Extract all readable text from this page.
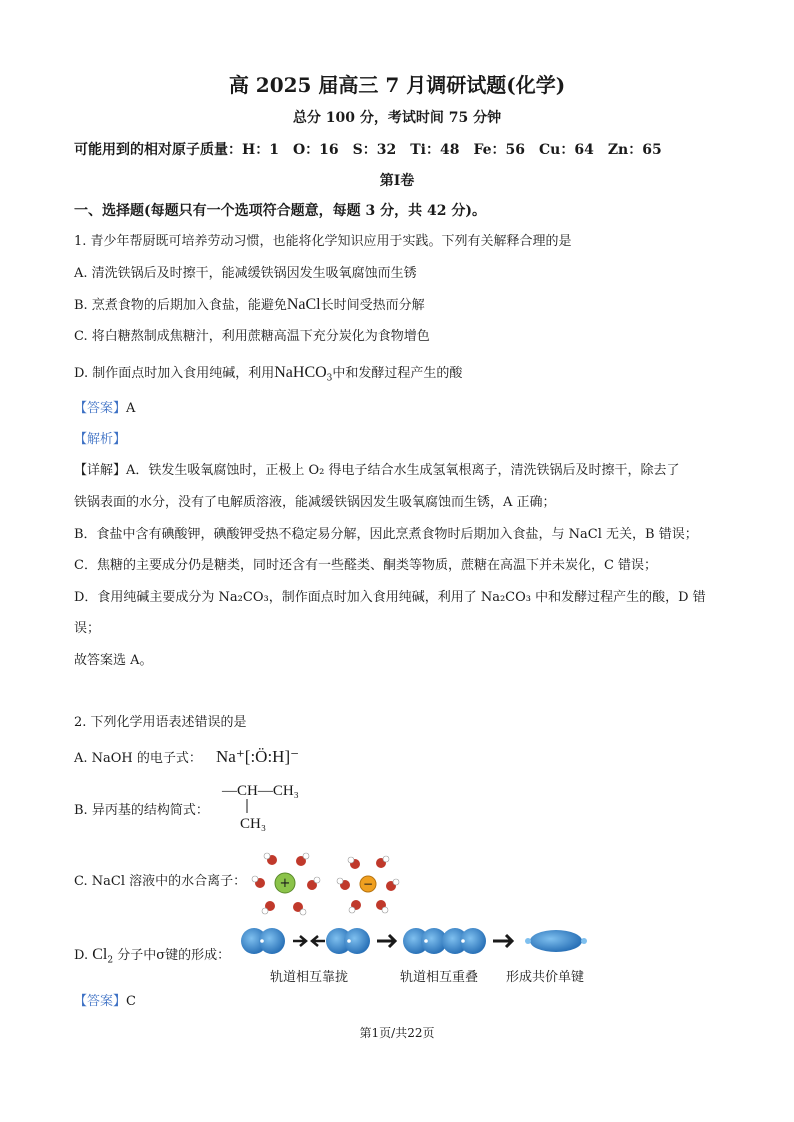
高 2025 届高三 7 月调研试题(化学)
总分 100 分，考试时间 75 分钟
可能用到的相对原子质量：H：1　O：16　S：32　Ti：48　Fe：56　Cu：64　Zn：65
第Ⅰ卷
一、选择题(每题只有一个选项符合题意，每题 3 分，共 42 分)。
1. 青少年帮厨既可培养劳动习惯，也能将化学知识应用于实践。下列有关解释合理的是
A. 清洗铁锅后及时擦干，能减缓铁锅因发生吸氧腐蚀而生锈
B. 烹煮食物的后期加入食盐，能避免NaCl长时间受热而分解
C. 将白糖熬制成焦糖汁，利用蔗糖高温下充分炭化为食物增色
D. 制作面点时加入食用纯碱，利用NaHCO$_3$中和发酵过程产生的酸
【答案】A
【解析】
【详解】A．铁发生吸氧腐蚀时，正极上 O₂ 得电子结合水生成氢氧根离子，清洗铁锅后及时擦干，除去了
铁锅表面的水分，没有了电解质溶液，能减缓铁锅因发生吸氧腐蚀而生锈，A 正确；
B．食盐中含有碘酸钾，碘酸钾受热不稳定易分解，因此烹煮食物时后期加入食盐，与 NaCl 无关，B 错误；
C．焦糖的主要成分仍是糖类，同时还含有一些醛类、酮类等物质，蔗糖在高温下并未炭化，C 错误；
D．食用纯碱主要成分为 Na₂CO₃，制作面点时加入食用纯碱，利用了 Na₂CO₃ 中和发酵过程产生的酸，D 错
误；
故答案选 A。
2. 下列化学用语表述错误的是
A. NaOH 的电子式： Na⁺[:Ö:H]⁻
B. 异丙基的结构简式：
—CH—CH₃
CH₃
C. NaCl 溶液中的水合离子：	+	−
D. $Cl_2$ 分子中σ键的形成：
轨道相互靠拢	轨道相互重叠 形成共价单键
【答案】C
第1页/共22页
